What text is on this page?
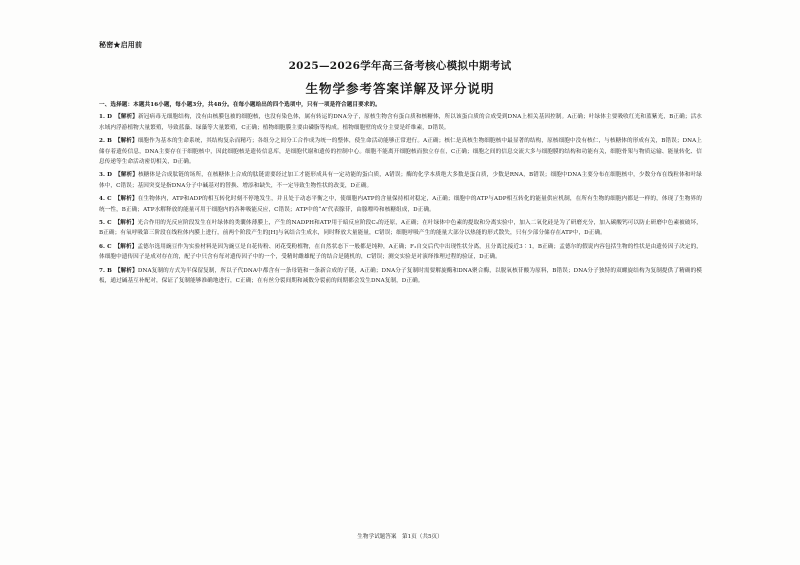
秘密★启用前

2025—2026学年高三备考核心模拟中期考试

生物学参考答案详解及评分说明

一、选择题：本题共16小题，每小题3分，共48分。在每小题给出的四个选项中，只有一项是符合题目要求的。

1. D　 【解析】新冠病毒无细胞结构，没有由核膜包被的细胞核，也没有染色体，属有转运的DNA分子，原核生物含有蛋白质和核糖体，所以该蛋白质的合成受到DNA上相关基因控制。A正确；叶绿体主要吸收红光和蓝紫光，B正确；活水水域内浮游植物大量繁殖，导致蓝藻、绿藻等大量繁殖，C正确；植物细胞膜主要由磷脂等构成。植物细胞壁的成分主要是纤维素，D错误。

2. B　 【解析】细胞作为基本的生命系统，其结构复杂而精巧；各组分之间分工合作成为统一的整体，使生命活动能够正常进行。A正确；核仁是真核生物细胞核中最显著的结构，原核细胞中没有核仁，与核糖体的形成有关，B错误；DNA上储存着遗传信息，DNA主要存在于细胞核中，因此细胞核是遗传信息库，是细胞代谢和遗传的控制中心。细胞不能离开细胞核而独立存在，C正确；细胞之间的信息交流大多与细胞膜的结构和功能有关，细胞骨架与物质运输、能量转化、信息传递等生命活动密切相关，D正确。

3. D　 【解析】核糖体是合成肽链的场所，在核糖体上合成的肽链需要经过加工才能形成具有一定功能的蛋白质，A错误；酶的化学本质绝大多数是蛋白质，少数是RNA，B错误；细胞中DNA主要分布在细胞核中，少数分布在线粒体和叶绿体中，C错误；基因突变是指DNA分子中碱基对的替换、增添和缺失，不一定导致生物性状的改变，D正确。

4. C　 【解析】在生物体内，ATP和ADP的相互转化时刻不停地发生，并且处于动态平衡之中，使细胞内ATP的含量保持相对稳定，A正确；细胞中的ATP与ADP相互转化的能量供应机制，在所有生物的细胞内都是一样的，体现了生物界的统一性，B正确；ATP水解释放的能量可用于细胞内的各种吸能反应，C错误；ATP中的“A”代表腺苷，由腺嘌呤和核糖组成，D正确。

5. C　 【解析】光合作用的光反应阶段发生在叶绿体的类囊体薄膜上，产生的NADPH和ATP用于暗反应阶段C₃的还原，A正确；在叶绿体中色素的提取和分离实验中，加入二氧化硅是为了研磨充分，加入碳酸钙可以防止研磨中色素被破坏，B正确；有氧呼吸第三阶段在线粒体内膜上进行，前两个阶段产生的[H]与氧结合生成水，同时释放大量能量，C错误；细胞呼吸产生的能量大部分以热能的形式散失，只有少部分储存在ATP中，D正确。

6. C　 【解析】孟德尔选用豌豆作为实验材料是因为豌豆是自花传粉、闭花受粉植物，在自然状态下一般都是纯种，A正确；F₁自交后代中出现性状分离，且分离比接近3∶1，B正确；孟德尔的假说内容包括生物的性状是由遗传因子决定的，体细胞中遗传因子是成对存在的，配子中只含有每对遗传因子中的一个，受精时雌雄配子的结合是随机的，C错误；测交实验是对演绎推理过程的验证，D正确。

7. B　 【解析】DNA复制的方式为半保留复制，所以子代DNA中都含有一条母链和一条新合成的子链，A正确；DNA分子复制时需要解旋酶和DNA聚合酶，以脱氧核苷酸为原料，B错误；DNA分子独特的双螺旋结构为复制提供了精确的模板，通过碱基互补配对，保证了复制能够准确地进行，C正确；在有丝分裂间期和减数分裂前的间期都会发生DNA复制，D正确。

生物学试题答案　第1页（共5页）
